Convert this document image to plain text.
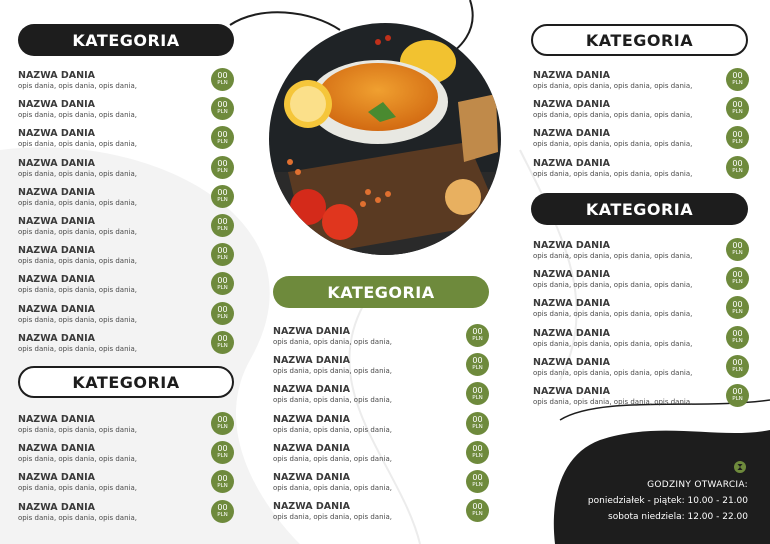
KATEGORIA
KATEGORIA
KATEGORIA
KATEGORIA
KATEGORIA
NAZWA DANIA
opis dania, opis dania, opis dania,
00
PLN
NAZWA DANIA
opis dania, opis dania, opis dania,
00
PLN
NAZWA DANIA
opis dania, opis dania, opis dania,
00
PLN
NAZWA DANIA
opis dania, opis dania, opis dania,
00
PLN
NAZWA DANIA
opis dania, opis dania, opis dania,
00
PLN
NAZWA DANIA
opis dania, opis dania, opis dania,
00
PLN
NAZWA DANIA
opis dania, opis dania, opis dania,
00
PLN
NAZWA DANIA
opis dania, opis dania, opis dania,
00
PLN
NAZWA DANIA
opis dania, opis dania, opis dania,
00
PLN
NAZWA DANIA
opis dania, opis dania, opis dania,
00
PLN
NAZWA DANIA
opis dania, opis dania, opis dania,
00
PLN
NAZWA DANIA
opis dania, opis dania, opis dania,
00
PLN
NAZWA DANIA
opis dania, opis dania, opis dania,
00
PLN
NAZWA DANIA
opis dania, opis dania, opis dania,
00
PLN
NAZWA DANIA
opis dania, opis dania, opis dania,
00
PLN
NAZWA DANIA
opis dania, opis dania, opis dania,
00
PLN
NAZWA DANIA
opis dania, opis dania, opis dania,
00
PLN
NAZWA DANIA
opis dania, opis dania, opis dania,
00
PLN
NAZWA DANIA
opis dania, opis dania, opis dania,
00
PLN
NAZWA DANIA
opis dania, opis dania, opis dania,
00
PLN
NAZWA DANIA
opis dania, opis dania, opis dania,
00
PLN
NAZWA DANIA
opis dania, opis dania, opis dania, opis dania,
00
PLN
NAZWA DANIA
opis dania, opis dania, opis dania, opis dania,
00
PLN
NAZWA DANIA
opis dania, opis dania, opis dania, opis dania,
00
PLN
NAZWA DANIA
opis dania, opis dania, opis dania, opis dania,
00
PLN
NAZWA DANIA
opis dania, opis dania, opis dania, opis dania,
00
PLN
NAZWA DANIA
opis dania, opis dania, opis dania, opis dania,
00
PLN
NAZWA DANIA
opis dania, opis dania, opis dania, opis dania,
00
PLN
NAZWA DANIA
opis dania, opis dania, opis dania, opis dania,
00
PLN
NAZWA DANIA
opis dania, opis dania, opis dania, opis dania,
00
PLN
NAZWA DANIA
opis dania, opis dania, opis dania, opis dania,
00
PLN
GODZINY OTWARCIA:
poniedziałek - piątek: 10.00 - 21.00
sobota niedziela: 12.00 - 22.00
